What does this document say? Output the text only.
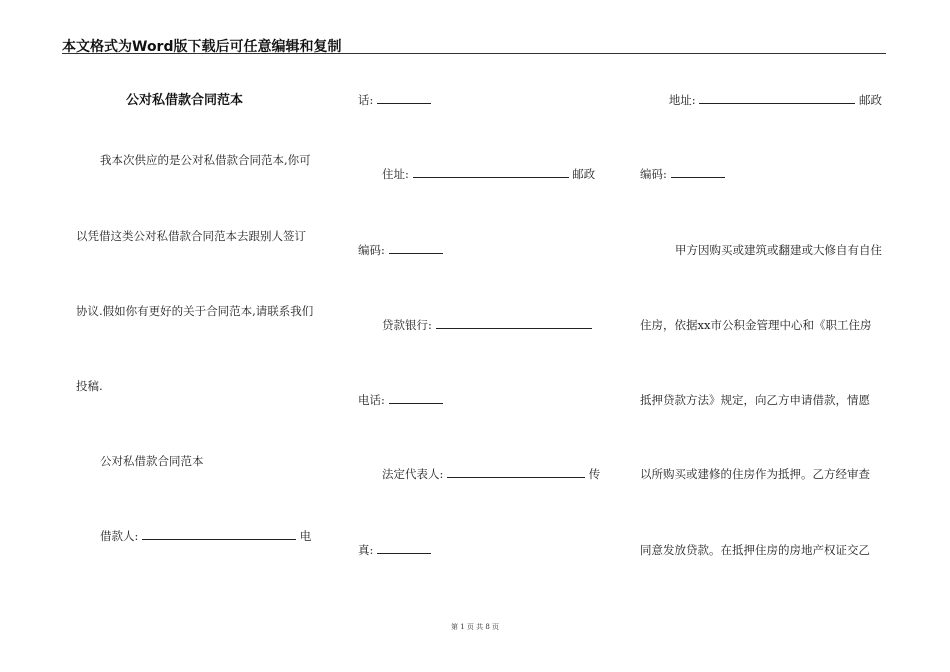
本文格式为Word版下载后可任意编辑和复制
公对私借款合同范本
我本次供应的是公对私借款合同范本,你可
以凭借这类公对私借款合同范本去跟别人签订
协议.假如你有更好的关于合同范本,请联系我们
投稿.
公对私借款合同范本
借款人:	电
话:
住址:	邮政
编码:
贷款银行:
电话:
法定代表人:	传
真:
地址:	邮政
编码:
甲方因购买或建筑或翻建或大修自有自住
住房，依据xx市公积金管理中心和《职工住房
抵押贷款方法》规定，向乙方申请借款，情愿
以所购买或建修的住房作为抵押。乙方经审查
同意发放贷款。在抵押住房的房地产权证交乙
第 1 页 共 8 页
